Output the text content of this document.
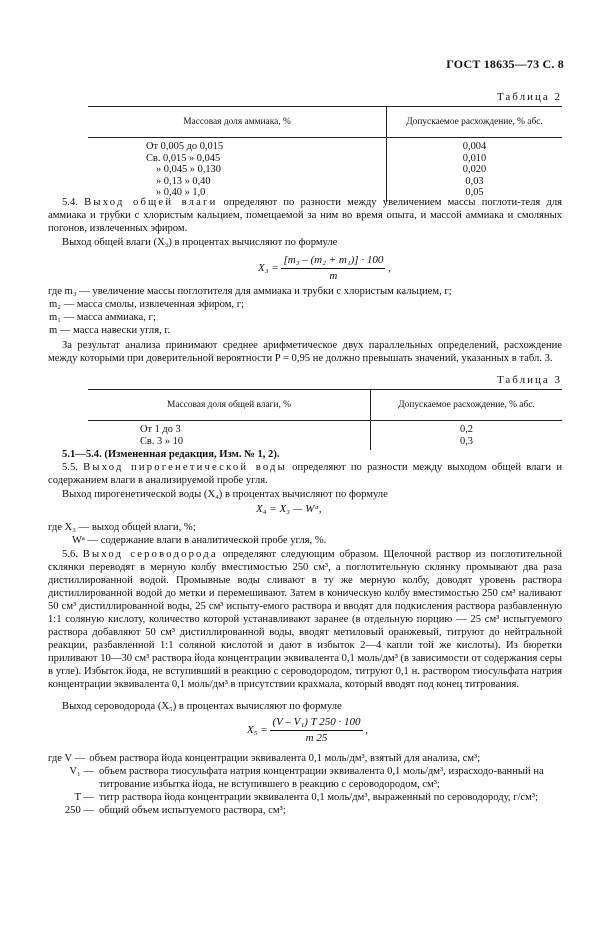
ГОСТ 18635—73 С. 8
Таблица 2
Массовая доля аммиака, %	Допускаемое расхождение, % абс.
От 0,005 до 0,015	0,004
Св. 0,015 » 0,045	0,010
» 0,045 » 0,130	0,020
» 0,13 » 0,40	0,03
» 0,40 » 1,0	0,05
5.4. Выход общей влаги определяют по разности между увеличением массы поглоти-теля для аммиака и трубки с хлористым кальцием, помещаемой за ним во время опыта, и массой аммиака и смоляных погонов, извлеченных эфиром.
Выход общей влаги (X₃) в процентах вычисляют по формуле
$X_3 = \frac{\text{[m₃ – (m₂ + m₁)] · 100}}{m}$ ,
где m₃ — увеличение массы поглотителя для аммиака и трубки с хлористым кальцием, г;
m₂ — масса смолы, извлеченная эфиром, г;
m₁ — масса аммиака, г;
m — масса навески угля, г.
За результат анализа принимают среднее арифметическое двух параллельных определений, расхождение между которыми при доверительной вероятности P = 0,95 не должно превышать значений, указанных в табл. 3.
Таблица 3
Массовая доля общей влаги, %	Допускаемое расхождение, % абс.
От 1 до 3	0,2
Св. 3 » 10	0,3
5.1—5.4. (Измененная редакция, Изм. № 1, 2).
5.5. Выход пирогенетической воды определяют по разности между выходом общей влаги и содержанием влаги в анализируемой пробе угля.
Выход пирогенетической воды (X₄) в процентах вычисляют по формуле
X₄ = X₃ — Wᵃ,
где X₃ — выход общей влаги, %;
Wᵃ — содержание влаги в аналитической пробе угля, %.
5.6. Выход сероводорода определяют следующим образом. Щелочной раствор из поглотительной склянки переводят в мерную колбу вместимостью 250 см³, а поглотительную склянку промывают два раза дистиллированной водой. Промывные воды сливают в ту же мерную колбу, доводят уровень раствора дистиллированной водой до метки и перемешивают. Затем в коническую колбу вместимостью 250 см³ наливают 50 см³ дистиллированной воды, 25 см³ испыту-емого раствора и вводят для подкисления раствора разбавленную 1:1 соляную кислоту, количество которой устанавливают заранее (в отдельную порцию — 25 см³ испытуемого раствора добавляют 50 см³ дистиллированной воды, вводят метиловый оранжевый, титруют до нейтральной реакции, разбавленной 1:1 соляной кислотой и дают в избыток 2—4 капли той же кислоты). Из бюретки приливают 10—30 см³ раствора йода концентрации эквивалента 0,1 моль/дм³ (в зависимости от содержания серы в угле). Избыток йода, не вступивший в реакцию с сероводородом, титруют 0,1 н. раствором тиосульфата натрия концентрации эквивалента 0,1 моль/дм³ в присутствии крахмала, который вводят под конец титрования.
Выход сероводорода (X₅) в процентах вычисляют по формуле
$X_5 = \frac{\text{(V – V₁) T 250 · 100}}{m 25}$ ,
где V — объем раствора йода концентрации эквивалента 0,1 моль/дм³, взятый для анализа, см³;
V₁ — объем раствора тиосульфата натрия концентрации эквивалента 0,1 моль/дм³, израсходо-ванный на титрование избытка йода, не вступившего в реакцию с сероводородом, см³;
T — титр раствора йода концентрации эквивалента 0,1 моль/дм³, выраженный по сероводороду, г/см³;
250 — общий объем испытуемого раствора, см³;
